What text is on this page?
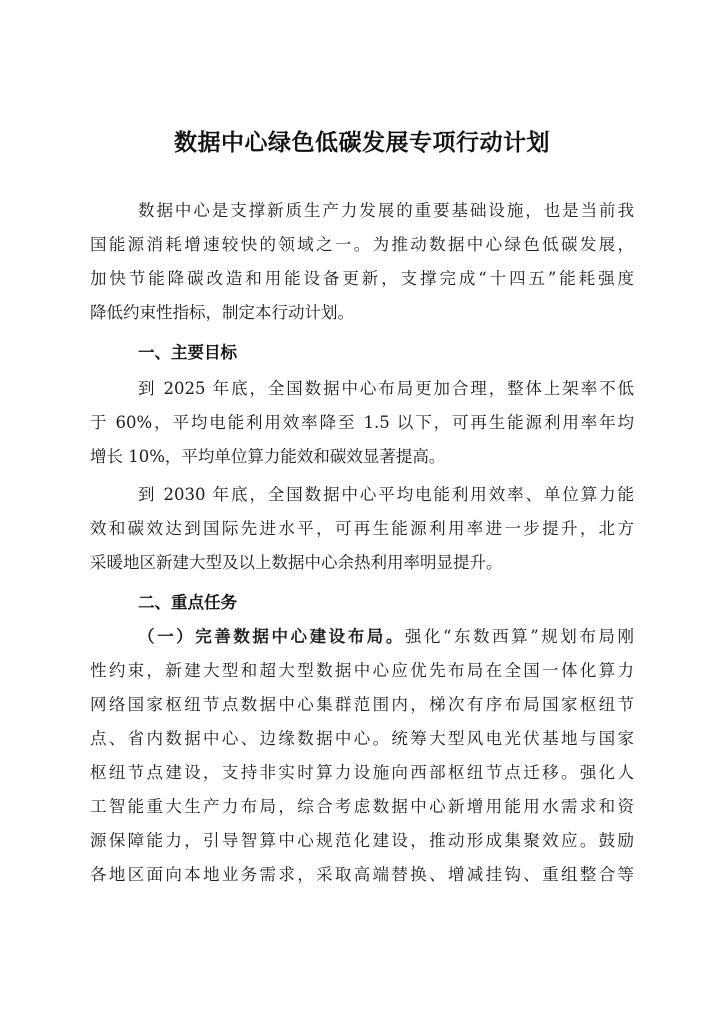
数据中心绿色低碳发展专项行动计划
数据中心是支撑新质生产力发展的重要基础设施，也是当前我
国能源消耗增速较快的领域之一。为推动数据中心绿色低碳发展，
加快节能降碳改造和用能设备更新，支撑完成“十四五”能耗强度
降低约束性指标，制定本行动计划。
一、主要目标
到 2025 年底，全国数据中心布局更加合理，整体上架率不低
于 60%，平均电能利用效率降至 1.5 以下，可再生能源利用率年均
增长 10%，平均单位算力能效和碳效显著提高。
到 2030 年底，全国数据中心平均电能利用效率、单位算力能
效和碳效达到国际先进水平，可再生能源利用率进一步提升，北方
采暖地区新建大型及以上数据中心余热利用率明显提升。
二、重点任务
（一）完善数据中心建设布局。强化“东数西算”规划布局刚
性约束，新建大型和超大型数据中心应优先布局在全国一体化算力
网络国家枢纽节点数据中心集群范围内，梯次有序布局国家枢纽节
点、省内数据中心、边缘数据中心。统筹大型风电光伏基地与国家
枢纽节点建设，支持非实时算力设施向西部枢纽节点迁移。强化人
工智能重大生产力布局，综合考虑数据中心新增用能用水需求和资
源保障能力，引导智算中心规范化建设，推动形成集聚效应。鼓励
各地区面向本地业务需求，采取高端替换、增减挂钩、重组整合等
